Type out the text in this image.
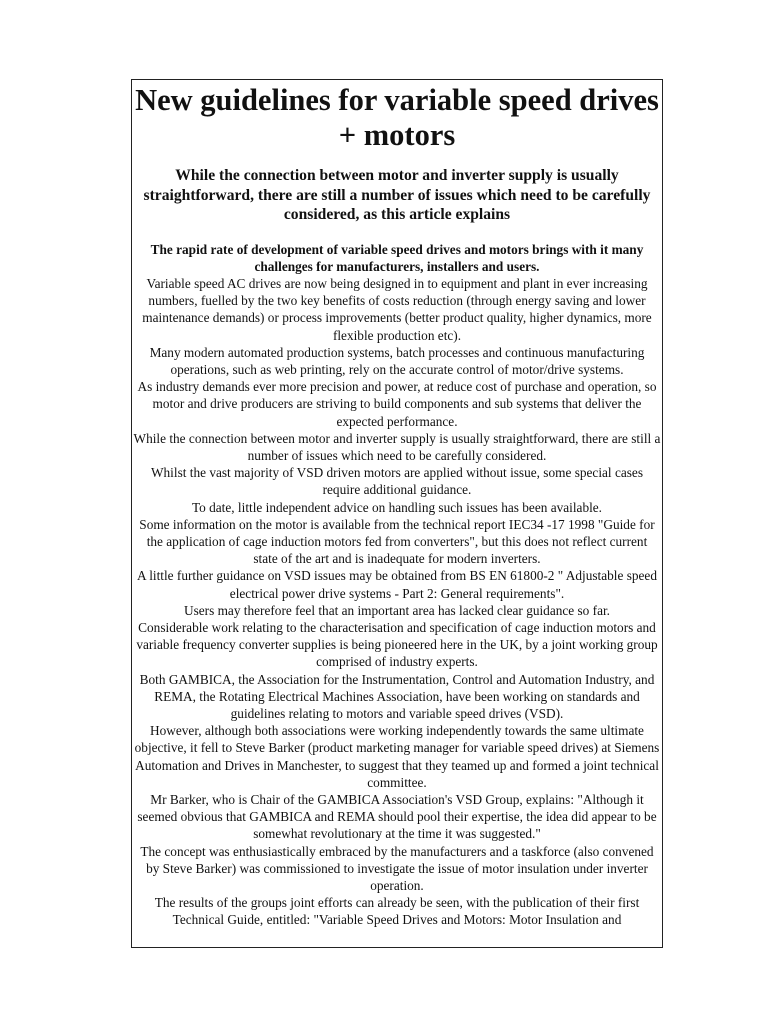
New guidelines for variable speed drives + motors
While the connection between motor and inverter supply is usually straightforward, there are still a number of issues which need to be carefully considered, as this article explains
The rapid rate of development of variable speed drives and motors brings with it many challenges for manufacturers, installers and users.

Variable speed AC drives are now being designed in to equipment and plant in ever increasing numbers, fuelled by the two key benefits of costs reduction (through energy saving and lower maintenance demands) or process improvements (better product quality, higher dynamics, more flexible production etc).

Many modern automated production systems, batch processes and continuous manufacturing operations, such as web printing, rely on the accurate control of motor/drive systems.

As industry demands ever more precision and power, at reduce cost of purchase and operation, so motor and drive producers are striving to build components and sub systems that deliver the expected performance.

While the connection between motor and inverter supply is usually straightforward, there are still a number of issues which need to be carefully considered.

Whilst the vast majority of VSD driven motors are applied without issue, some special cases require additional guidance.

To date, little independent advice on handling such issues has been available.

Some information on the motor is available from the technical report IEC34 -17 1998 "Guide for the application of cage induction motors fed from converters", but this does not reflect current state of the art and is inadequate for modern inverters.

A little further guidance on VSD issues may be obtained from BS EN 61800-2 " Adjustable speed electrical power drive systems - Part 2: General requirements".

Users may therefore feel that an important area has lacked clear guidance so far.

Considerable work relating to the characterisation and specification of cage induction motors and variable frequency converter supplies is being pioneered here in the UK, by a joint working group comprised of industry experts.

Both GAMBICA, the Association for the Instrumentation, Control and Automation Industry, and REMA, the Rotating Electrical Machines Association, have been working on standards and guidelines relating to motors and variable speed drives (VSD).

However, although both associations were working independently towards the same ultimate objective, it fell to Steve Barker (product marketing manager for variable speed drives) at Siemens Automation and Drives in Manchester, to suggest that they teamed up and formed a joint technical committee.

Mr Barker, who is Chair of the GAMBICA Association's VSD Group, explains: "Although it seemed obvious that GAMBICA and REMA should pool their expertise, the idea did appear to be somewhat revolutionary at the time it was suggested."

The concept was enthusiastically embraced by the manufacturers and a taskforce (also convened by Steve Barker) was commissioned to investigate the issue of motor insulation under inverter operation.

The results of the groups joint efforts can already be seen, with the publication of their first Technical Guide, entitled: "Variable Speed Drives and Motors: Motor Insulation and
